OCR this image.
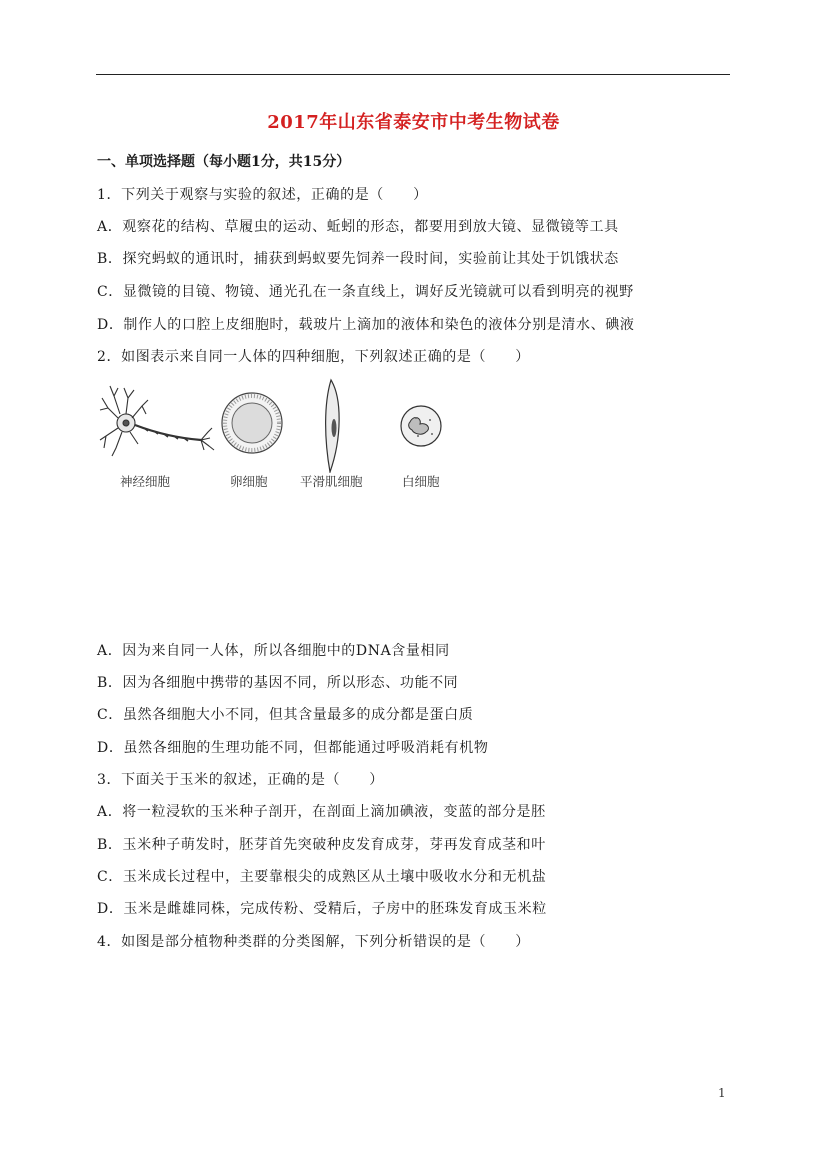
2017年山东省泰安市中考生物试卷
一、单项选择题（每小题1分，共15分）
1．下列关于观察与实验的叙述，正确的是（　　）
A．观察花的结构、草履虫的运动、蚯蚓的形态，都要用到放大镜、显微镜等工具
B．探究蚂蚁的通讯时，捕获到蚂蚁要先饲养一段时间，实验前让其处于饥饿状态
C．显微镜的目镜、物镜、通光孔在一条直线上，调好反光镜就可以看到明亮的视野
D．制作人的口腔上皮细胞时，载玻片上滴加的液体和染色的液体分别是清水、碘液
2．如图表示来自同一人体的四种细胞，下列叙述正确的是（　　）
神经细胞	卵细胞	平滑肌细胞	白细胞
A．因为来自同一人体，所以各细胞中的DNA含量相同
B．因为各细胞中携带的基因不同，所以形态、功能不同
C．虽然各细胞大小不同，但其含量最多的成分都是蛋白质
D．虽然各细胞的生理功能不同，但都能通过呼吸消耗有机物
3．下面关于玉米的叙述，正确的是（　　）
A．将一粒浸软的玉米种子剖开，在剖面上滴加碘液，变蓝的部分是胚
B．玉米种子萌发时，胚芽首先突破种皮发育成芽，芽再发育成茎和叶
C．玉米成长过程中，主要靠根尖的成熟区从土壤中吸收水分和无机盐
D．玉米是雌雄同株，完成传粉、受精后，子房中的胚珠发育成玉米粒
4．如图是部分植物种类群的分类图解，下列分析错误的是（　　）
1
